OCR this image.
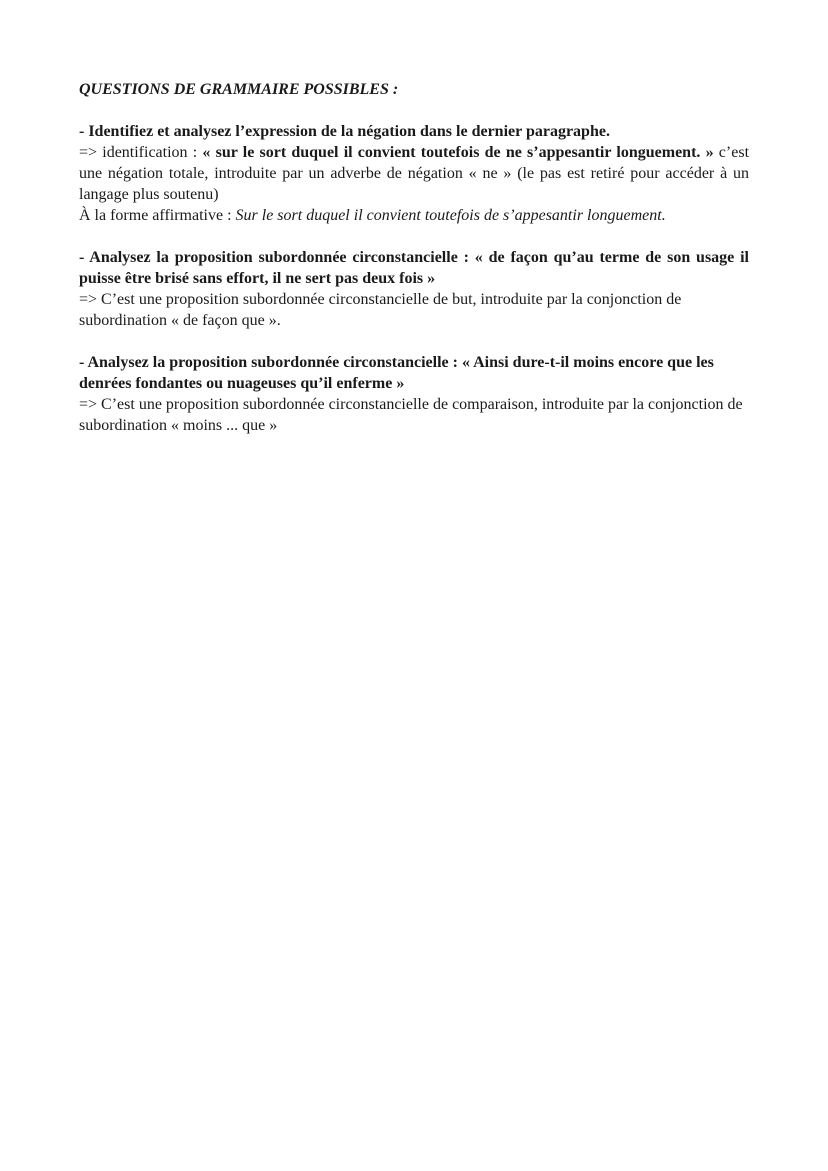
QUESTIONS DE GRAMMAIRE POSSIBLES :

- Identifiez et analysez l’expression de la négation dans le dernier paragraphe.

=> identification : « sur le sort duquel il convient toutefois de ne s’appesantir longuement. » c’est une négation totale, introduite par un adverbe de négation « ne » (le pas est retiré pour accéder à un langage plus soutenu)

À la forme affirmative : Sur le sort duquel il convient toutefois de s’appesantir longuement.

- Analysez la proposition subordonnée circonstancielle : « de façon qu’au terme de son usage il puisse être brisé sans effort, il ne sert pas deux fois »

=> C’est une proposition subordonnée circonstancielle de but, introduite par la conjonction de

subordination « de façon que ».

- Analysez la proposition subordonnée circonstancielle : « Ainsi dure-t-il moins encore que les denrées fondantes ou nuageuses qu’il enferme »

=> C’est une proposition subordonnée circonstancielle de comparaison, introduite par la conjonction de subordination « moins ... que »
